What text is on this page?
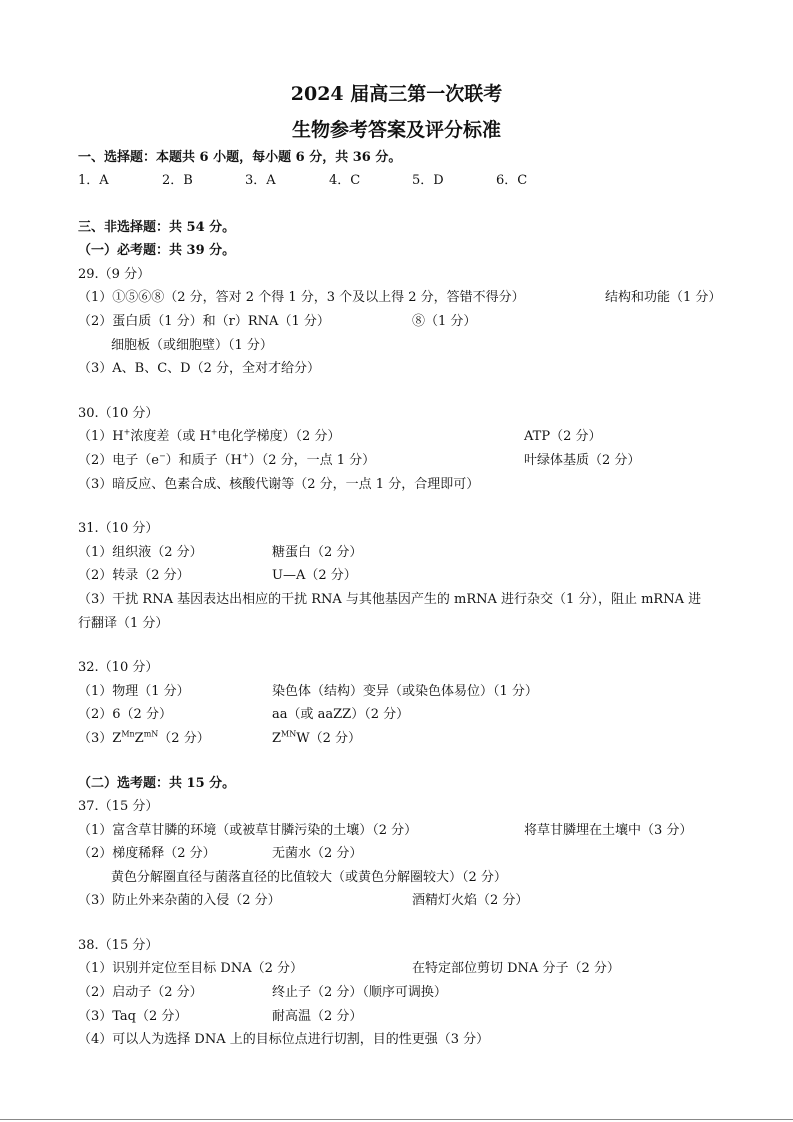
2024 届高三第一次联考
生物参考答案及评分标准
一、选择题：本题共 6 小题，每小题 6 分，共 36 分。
1．A	2．B	3．A	4．C	5．D	6．C
三、非选择题：共 54 分。
（一）必考题：共 39 分。
29.（9 分）
（1）①⑤⑥⑧（2 分，答对 2 个得 1 分，3 个及以上得 2 分，答错不得分）	结构和功能（1 分）
（2）蛋白质（1 分）和（r）RNA（1 分）	⑧（1 分）
细胞板（或细胞壁）（1 分）
（3）A、B、C、D（2 分，全对才给分）
30.（10 分）
（1）H+浓度差（或 H+电化学梯度）（2 分）	ATP（2 分）
（2）电子（e−）和质子（H+）（2 分，一点 1 分）	叶绿体基质（2 分）
（3）暗反应、色素合成、核酸代谢等（2 分，一点 1 分，合理即可）
31.（10 分）
（1）组织液（2 分）	糖蛋白（2 分）
（2）转录（2 分）	U—A（2 分）
（3）干扰 RNA 基因表达出相应的干扰 RNA 与其他基因产生的 mRNA 进行杂交（1 分），阻止 mRNA 进
行翻译（1 分）
32.（10 分）
（1）物理（1 分）	染色体（结构）变异（或染色体易位）（1 分）
（2）6（2 分）	aa（或 aaZZ）（2 分）
$(3)Z^{Mn}Z^{mN}(2$ 分）	$Z^{MN}W(2$ 分）
（二）选考题：共 15 分。
37.（15 分）
（1）富含草甘膦的环境（或被草甘膦污染的土壤）（2 分）	将草甘膦埋在土壤中（3 分）
（2）梯度稀释（2 分）	无菌水（2 分）
黄色分解圈直径与菌落直径的比值较大（或黄色分解圈较大）（2 分）
（3）防止外来杂菌的入侵（2 分）	酒精灯火焰（2 分）
38.（15 分）
（1）识别并定位至目标 DNA（2 分）	在特定部位剪切 DNA 分子（2 分）
（2）启动子（2 分）	终止子（2 分）（顺序可调换）
（3）Taq（2 分）	耐高温（2 分）
（4）可以人为选择 DNA 上的目标位点进行切割，目的性更强（3 分）
